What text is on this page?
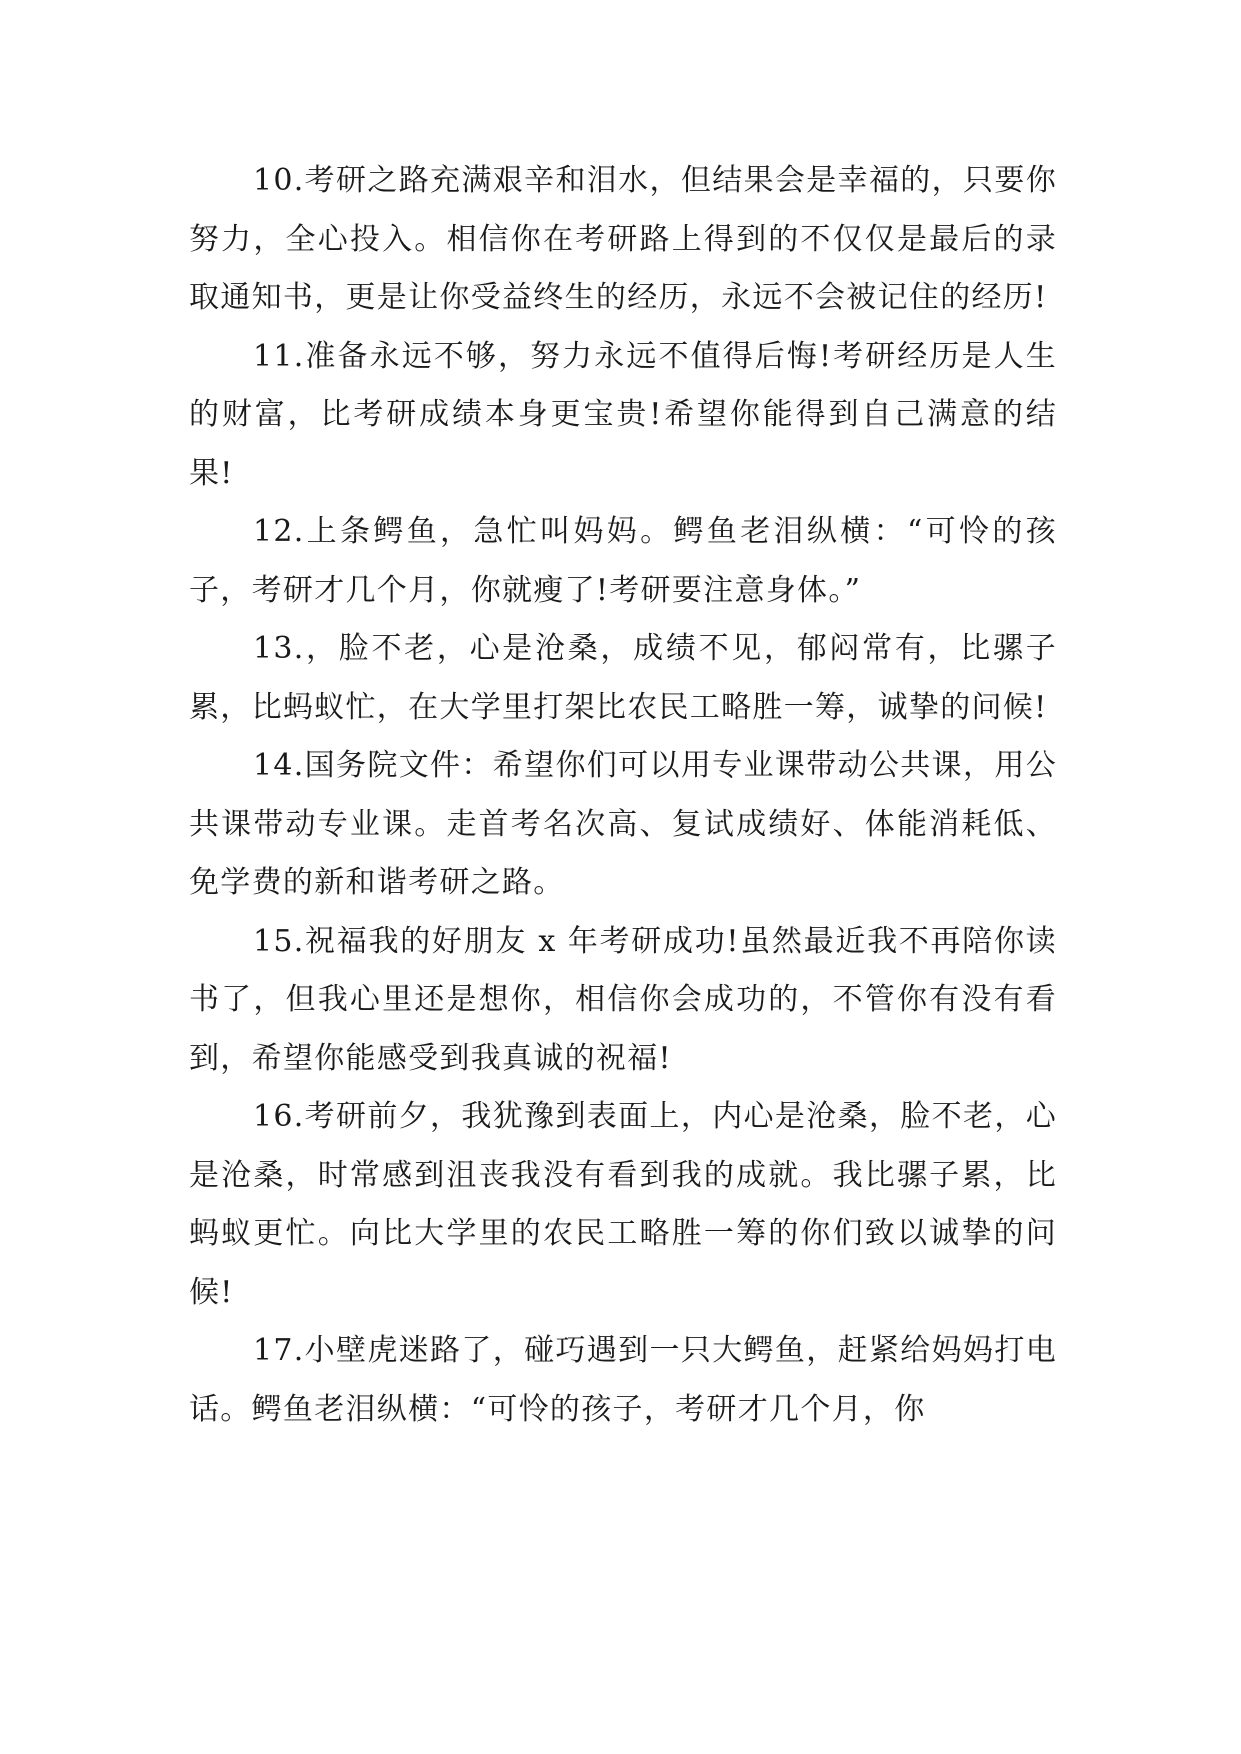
10.考研之路充满艰辛和泪水，但结果会是幸福的，只要你努力，全心投入。相信你在考研路上得到的不仅仅是最后的录取通知书，更是让你受益终生的经历，永远不会被记住的经历!

11.准备永远不够，努力永远不值得后悔!考研经历是人生的财富，比考研成绩本身更宝贵!希望你能得到自己满意的结果!

12.上条鳄鱼，急忙叫妈妈。鳄鱼老泪纵横：“可怜的孩子，考研才几个月，你就瘦了!考研要注意身体。”

13.，脸不老，心是沧桑，成绩不见，郁闷常有，比骡子累，比蚂蚁忙，在大学里打架比农民工略胜一筹，诚挚的问候!

14.国务院文件：希望你们可以用专业课带动公共课，用公共课带动专业课。走首考名次高、复试成绩好、体能消耗低、免学费的新和谐考研之路。

15.祝福我的好朋友 x 年考研成功!虽然最近我不再陪你读书了，但我心里还是想你，相信你会成功的，不管你有没有看到，希望你能感受到我真诚的祝福!

16.考研前夕，我犹豫到表面上，内心是沧桑，脸不老，心是沧桑，时常感到沮丧我没有看到我的成就。我比骡子累，比蚂蚁更忙。向比大学里的农民工略胜一筹的你们致以诚挚的问候!

17.小壁虎迷路了，碰巧遇到一只大鳄鱼，赶紧给妈妈打电话。鳄鱼老泪纵横：“可怜的孩子，考研才几个月，你
